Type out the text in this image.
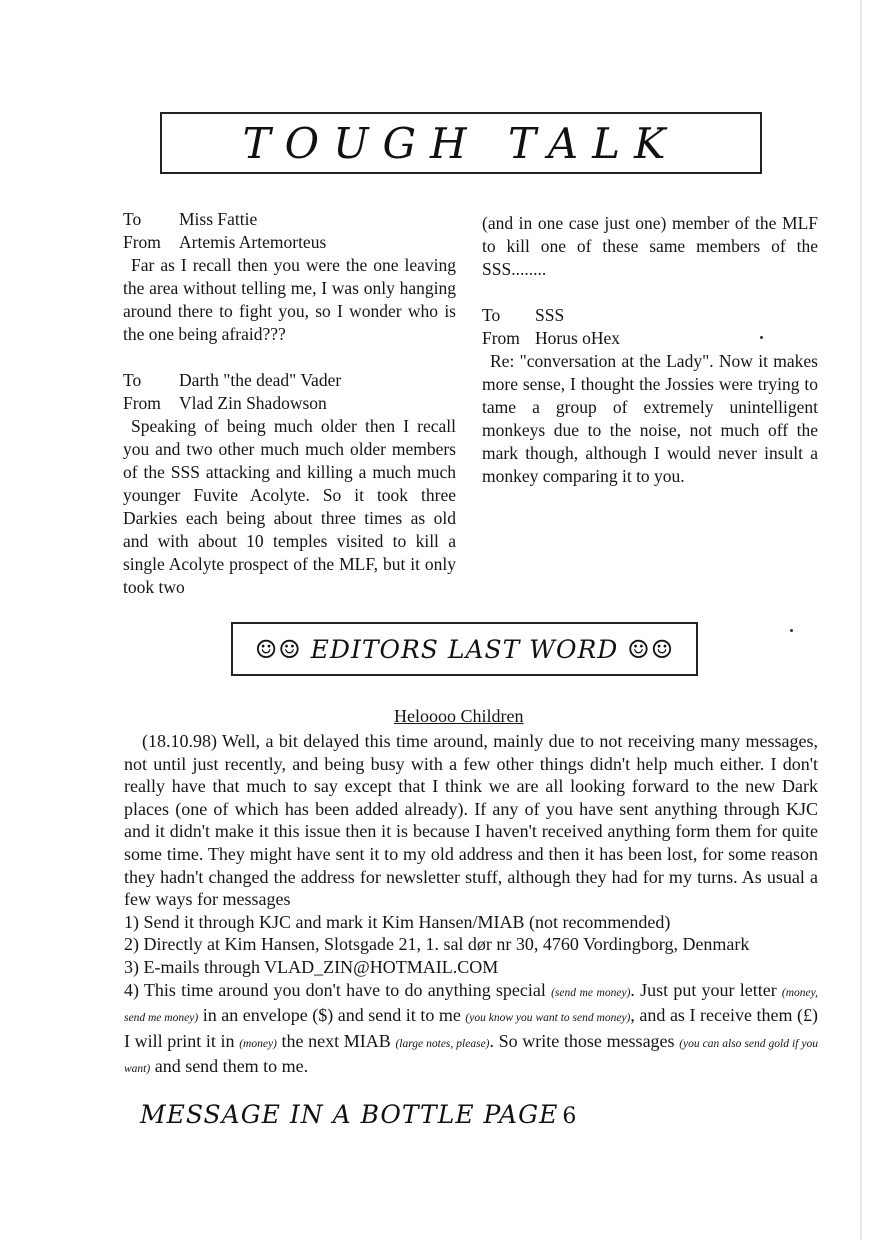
TOUGH TALK
To	Miss Fattie
From	Artemis Artemorteus
Far as I recall then you were the one leaving the area without telling me, I was only hanging around there to fight you, so I wonder who is the one being afraid???
To	Darth "the dead" Vader
From	Vlad Zin Shadowson
Speaking of being much older then I recall you and two other much much older members of the SSS attacking and killing a much much younger Fuvite Acolyte. So it took three Darkies each being about three times as old and with about 10 temples visited to kill a single Acolyte prospect of the MLF, but it only took two
(and in one case just one) member of the MLF to kill one of these same members of the SSS........
To	SSS
From Horus oHex
Re: "conversation at the Lady". Now it makes more sense, I thought the Jossies were trying to tame a group of extremely unintelligent monkeys due to the noise, not much off the mark though, although I would never insult a monkey comparing it to you.
☺☺ EDITORS LAST WORD ☺☺
Heloooo Children
(18.10.98) Well, a bit delayed this time around, mainly due to not receiving many messages, not until just recently, and being busy with a few other things didn't help much either. I don't really have that much to say except that I think we are all looking forward to the new Dark places (one of which has been added already). If any of you have sent anything through KJC and it didn't make it this issue then it is because I haven't received anything form them for quite some time. They might have sent it to my old address and then it has been lost, for some reason they hadn't changed the address for newsletter stuff, although they had for my turns. As usual a few ways for messages
1) Send it through KJC and mark it Kim Hansen/MIAB (not recommended)
2) Directly at Kim Hansen, Slotsgade 21, 1. sal dør nr 30, 4760 Vordingborg, Denmark
3) E-mails through VLAD_ZIN@HOTMAIL.COM
4) This time around you don't have to do anything special (send me money). Just put your letter (money, send me money) in an envelope ($) and send it to me (you know you want to send money), and as I receive them (£) I will print it in (money) the next MIAB (large notes, please). So write those messages (you can also send gold if you want) and send them to me.
MESSAGE IN A BOTTLE PAGE 6
